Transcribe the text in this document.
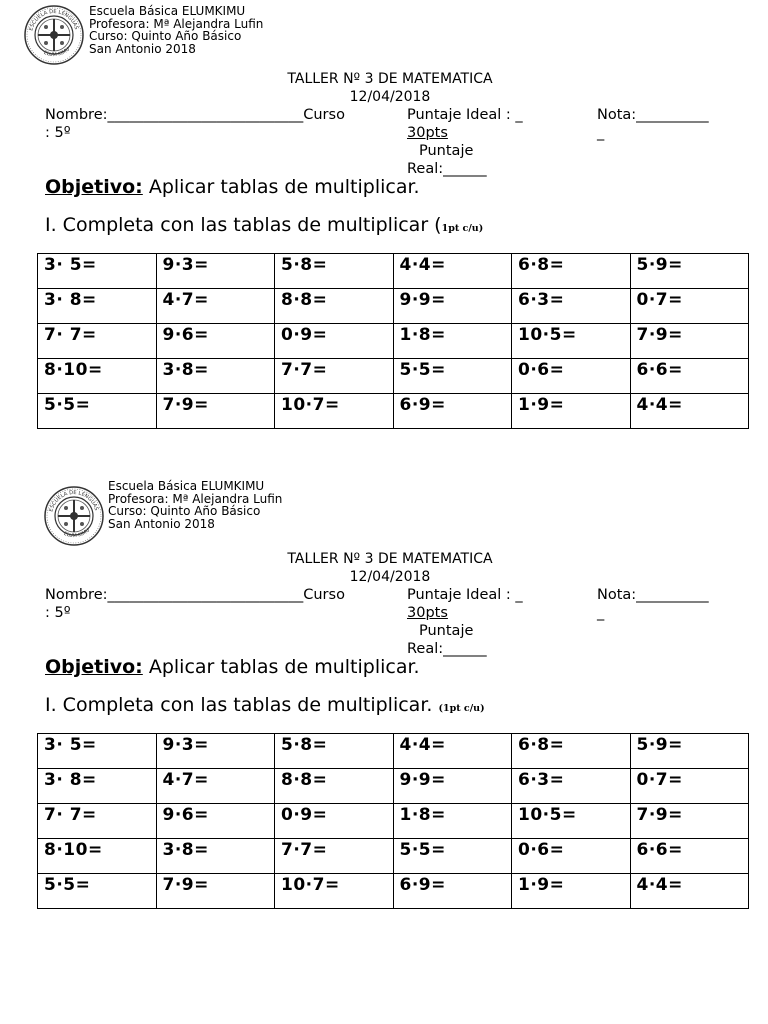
ESCUELA DE LENGUAS
ELUM KIMU
Escuela Básica ELUMKIMU
Profesora: Mª Alejandra Lufin
Curso: Quinto Año Básico
San Antonio 2018
TALLER Nº 3 DE MATEMATICA
12/04/2018
Nombre:___________________________Curso
: 5º
Puntaje Ideal : _
30pts
Puntaje
Real:______
Nota:__________
_
Objetivo: Aplicar tablas de multiplicar.
I. Completa con las tablas de multiplicar (1pt c/u)
3· 5=	9·3=	5·8=	4·4=	6·8=	5·9=
3· 8=	4·7=	8·8=	9·9=	6·3=	0·7=
7· 7=	9·6=	0·9=	1·8=	10·5=	7·9=
8·10=	3·8=	7·7=	5·5=	0·6=	6·6=
5·5=	7·9=	10·7=	6·9=	1·9=	4·4=
ESCUELA DE LENGUAS
ELUM KIMU
Escuela Básica ELUMKIMU
Profesora: Mª Alejandra Lufin
Curso: Quinto Año Básico
San Antonio 2018
TALLER Nº 3 DE MATEMATICA
12/04/2018
Nombre:___________________________Curso
: 5º
Puntaje Ideal : _
30pts
Puntaje
Real:______
Nota:__________
_
Objetivo: Aplicar tablas de multiplicar.
I. Completa con las tablas de multiplicar. (1pt c/u)
3· 5=	9·3=	5·8=	4·4=	6·8=	5·9=
3· 8=	4·7=	8·8=	9·9=	6·3=	0·7=
7· 7=	9·6=	0·9=	1·8=	10·5=	7·9=
8·10=	3·8=	7·7=	5·5=	0·6=	6·6=
5·5=	7·9=	10·7=	6·9=	1·9=	4·4=
